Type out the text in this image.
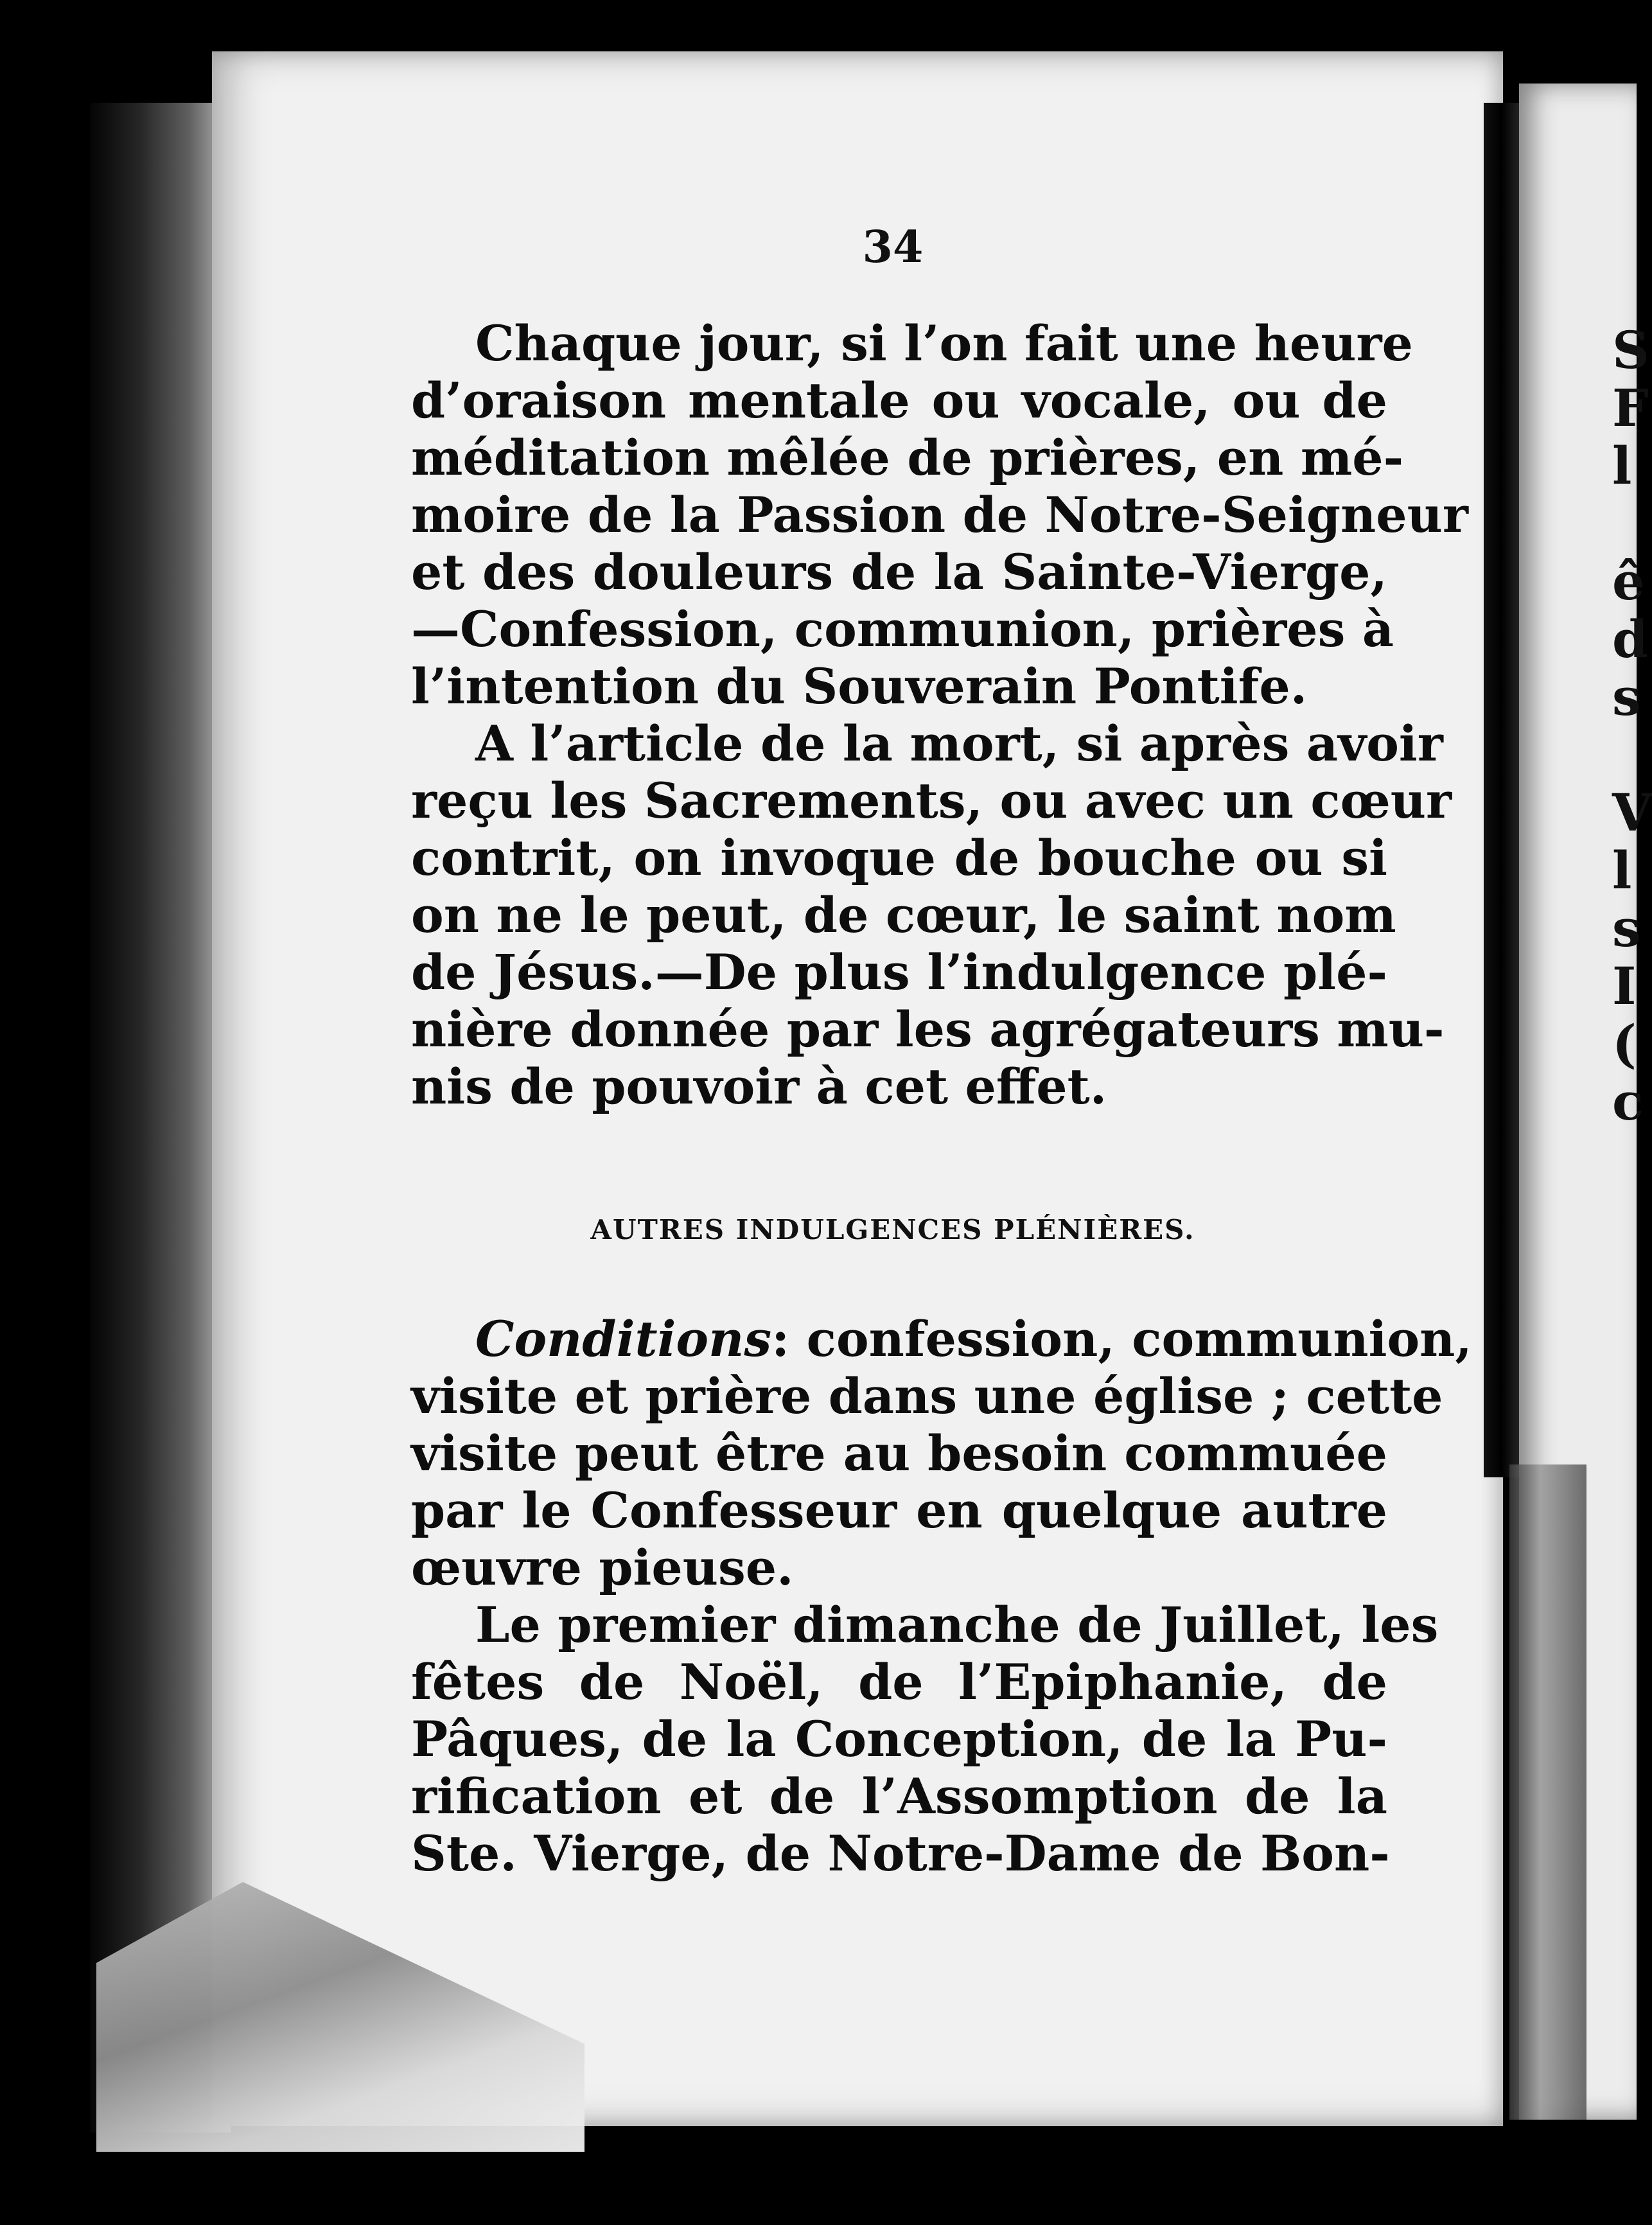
S
F
l
ê
d
s
V
l
s
I
(
c
34
Chaque jour, si l’on fait une heure
d’oraison mentale ou vocale, ou de
méditation mêlée de prières, en mé-
moire de la Passion de Notre-Seigneur
et des douleurs de la Sainte-Vierge,
—Confession, communion, prières à
l’intention du Souverain Pontife.
A l’article de la mort, si après avoir
reçu les Sacrements, ou avec un cœur
contrit, on invoque de bouche ou si
on ne le peut, de cœur, le saint nom
de Jésus.—De plus l’indulgence plé-
nière donnée par les agrégateurs mu-
nis de pouvoir à cet effet.
AUTRES INDULGENCES PLÉNIÈRES.
Conditions: confession, communion,
visite et prière dans une église ; cette
visite peut être au besoin commuée
par le Confesseur en quelque autre
œuvre pieuse.
Le premier dimanche de Juillet, les
fêtes de Noël, de l’Epiphanie, de
Pâques, de la Conception, de la Pu-
rification et de l’Assomption de la
Ste. Vierge, de Notre-Dame de Bon-
